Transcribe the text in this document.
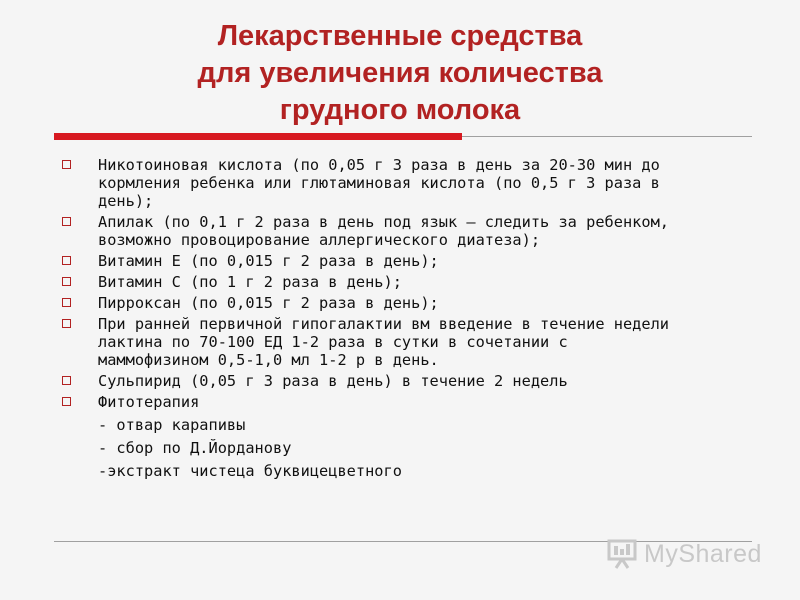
Лекарственные средства
для увеличения количества
грудного молока
Никотоиновая кислота (по 0,05 г 3 раза в день за 20-30 мин до
кормления ребенка или глютаминовая кислота (по 0,5 г 3 раза в
день);
Апилак (по 0,1 г 2 раза в день под язык – следить за ребенком,
возможно провоцирование аллергического диатеза);
Витамин Е (по 0,015 г 2 раза в день);
Витамин С (по 1 г 2 раза в день);
Пирроксан (по 0,015 г 2 раза в день);
При ранней первичной гипогалактии вм введение в течение недели
лактина по 70-100 ЕД 1-2 раза в сутки в сочетании с
маммофизином 0,5-1,0 мл 1-2 р в день.
Сульпирид (0,05 г 3 раза в день) в течение 2 недель
Фитотерапия
- отвар карапивы
- сбор по Д.Йорданову
-экстракт чистеца буквицецветного
MyShared
